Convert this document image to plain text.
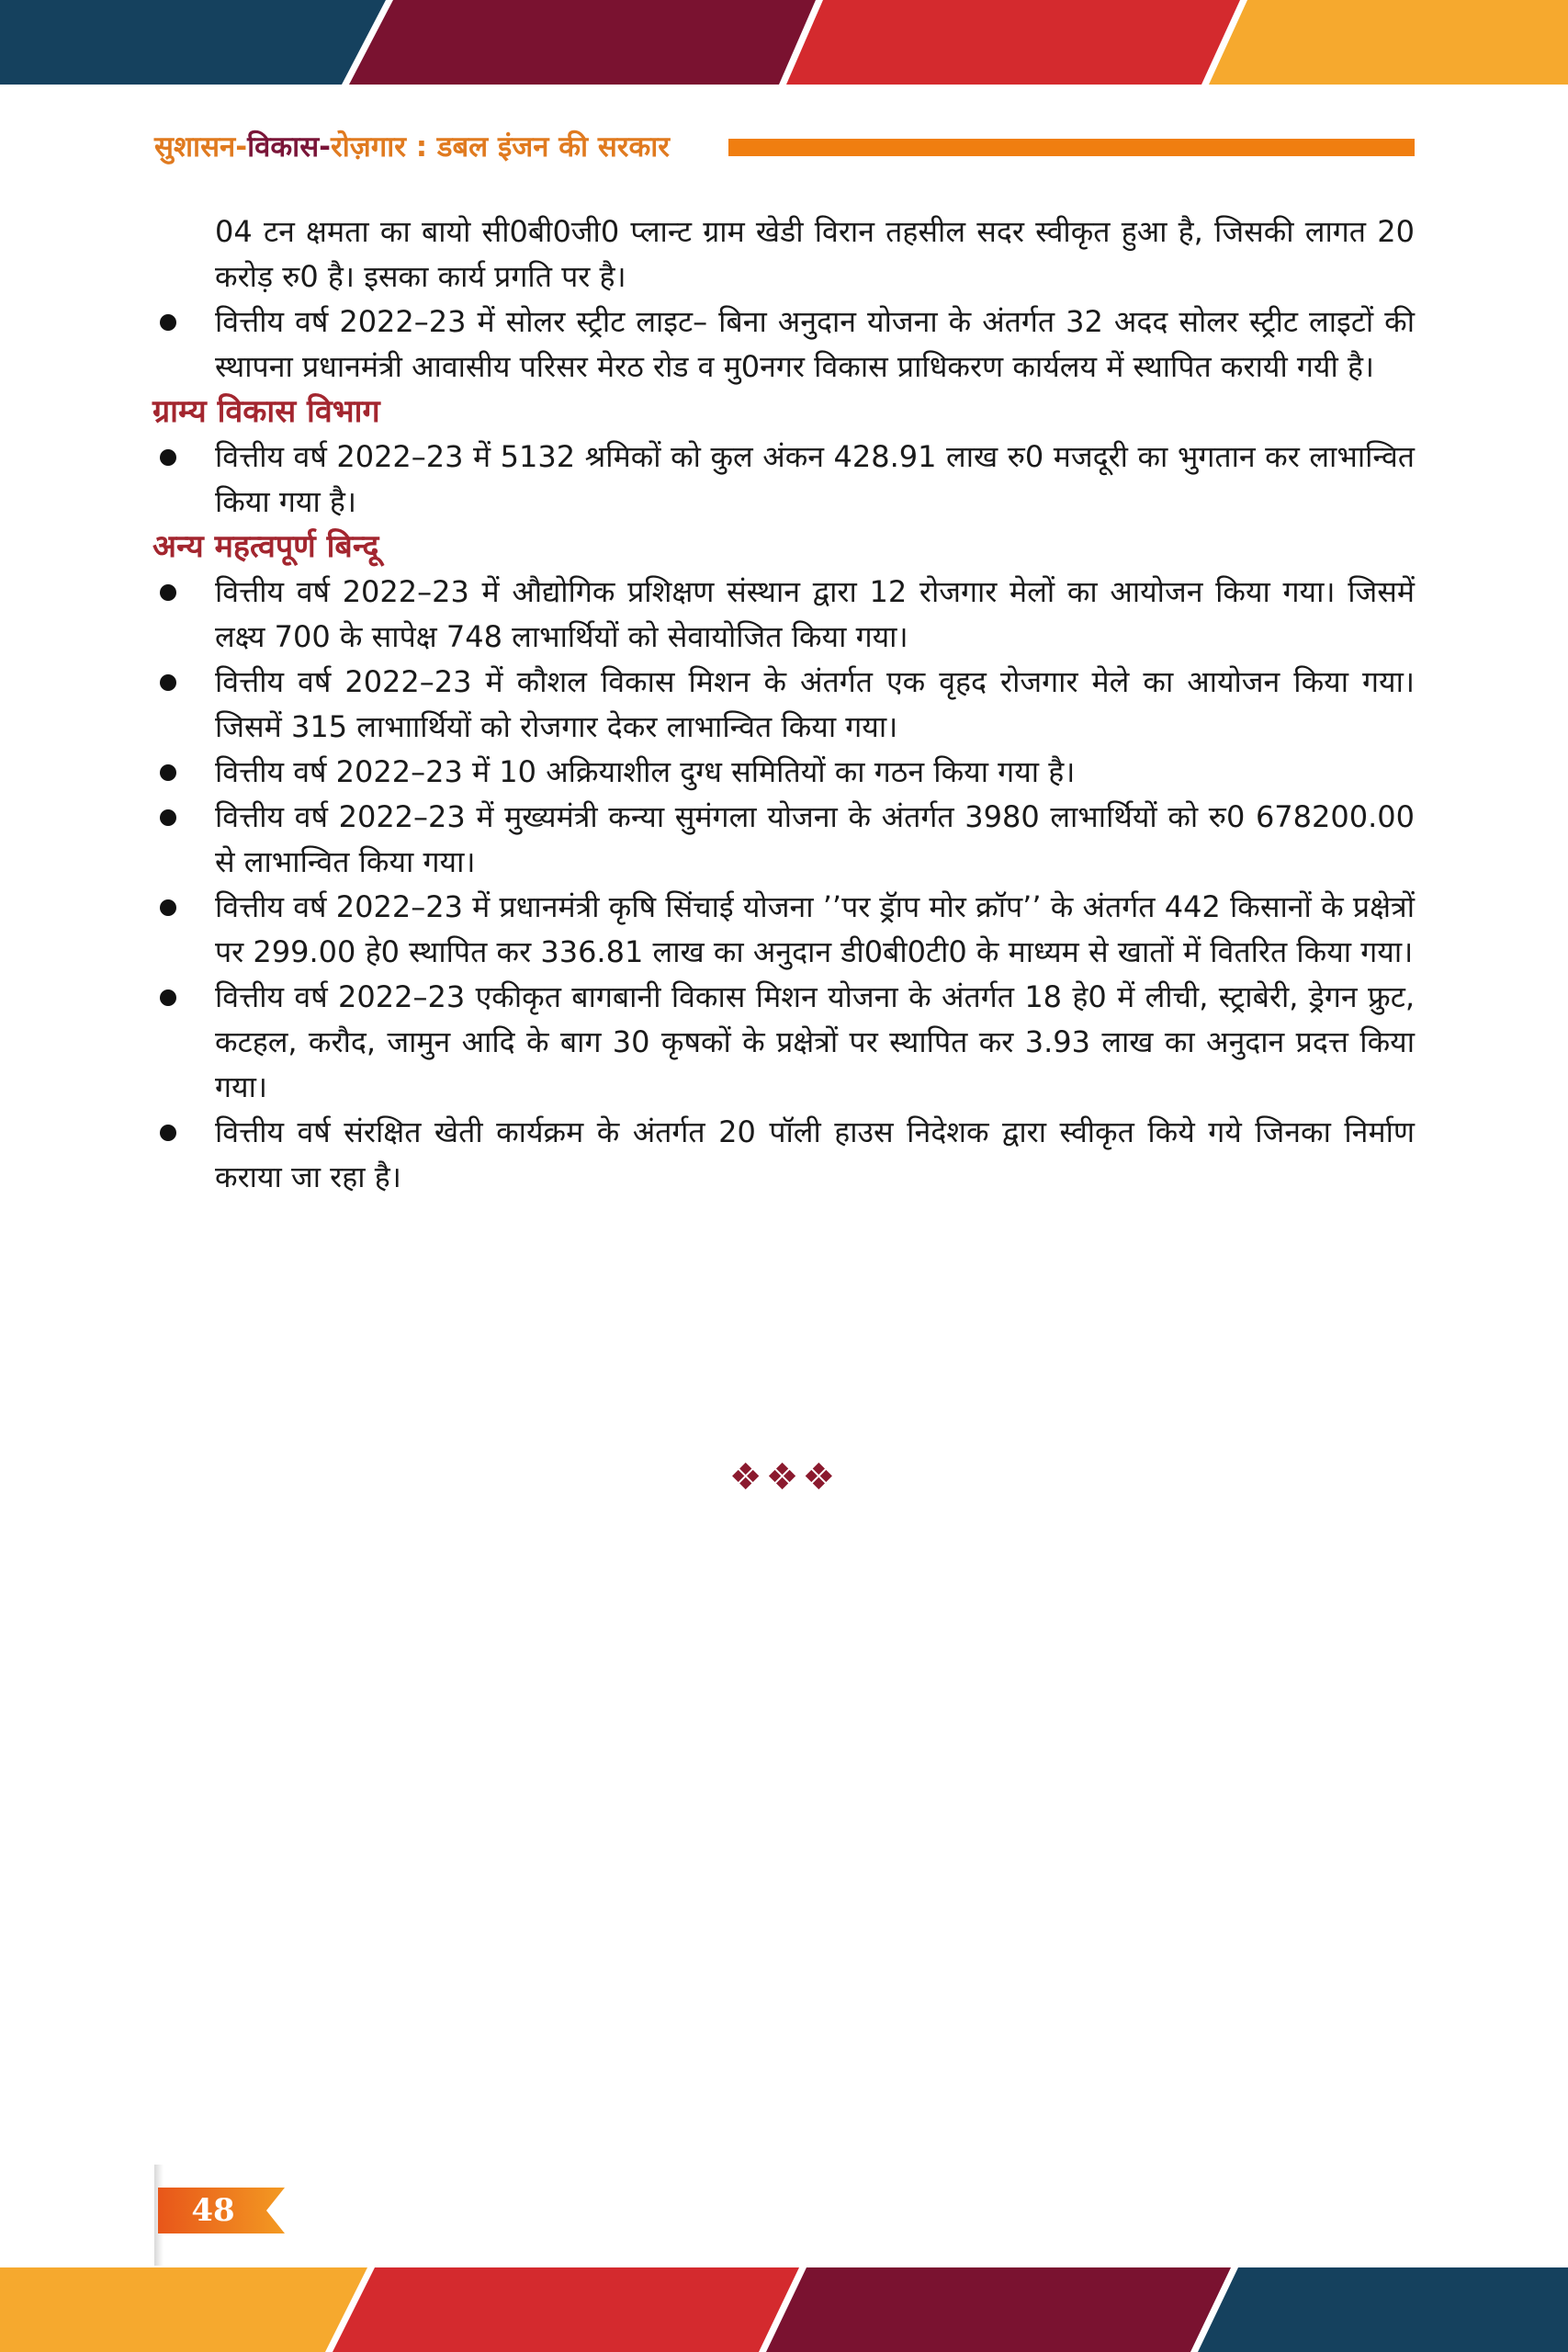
सुशासन-विकास-रोज़गार : डबल इंजन की सरकार

04 टन क्षमता का बायो सी0बी0जी0 प्लान्ट ग्राम खेडी विरान तहसील सदर स्वीकृत हुआ है, जिसकी लागत 20 करोड़ रु0 है। इसका कार्य प्रगति पर है।

वित्तीय वर्ष 2022–23 में सोलर स्ट्रीट लाइट– बिना अनुदान योजना के अंतर्गत 32 अदद सोलर स्ट्रीट लाइटों की स्थापना प्रधानमंत्री आवासीय परिसर मेरठ रोड व मु0नगर विकास प्राधिकरण कार्यलय में स्थापित करायी गयी है।
ग्राम्य विकास विभाग
वित्तीय वर्ष 2022–23 में 5132 श्रमिकों को कुल अंकन 428.91 लाख रु0 मजदूरी का भुगतान कर लाभान्वित किया गया है।
अन्य महत्वपूर्ण बिन्दू
वित्तीय वर्ष 2022–23 में औद्योगिक प्रशिक्षण संस्थान द्वारा 12 रोजगार मेलों का आयोजन किया गया। जिसमें लक्ष्य 700 के सापेक्ष 748 लाभार्थियों को सेवायोजित किया गया।
वित्तीय वर्ष 2022–23 में कौशल विकास मिशन के अंतर्गत एक वृहद रोजगार मेले का आयोजन किया गया। जिसमें 315 लाभाार्थियों को रोजगार देकर लाभान्वित किया गया।
वित्तीय वर्ष 2022–23 में 10 अक्रियाशील दुग्ध समितियों का गठन किया गया है।
वित्तीय वर्ष 2022–23 में मुख्यमंत्री कन्या सुमंगला योजना के अंतर्गत 3980 लाभार्थियों को रु0 678200.00 से लाभान्वित किया गया।
वित्तीय वर्ष 2022–23 में प्रधानमंत्री कृषि सिंचाई योजना ’’पर ड्रॅाप मोर क्रॉप’’ के अंतर्गत 442 किसानों के प्रक्षेत्रों पर 299.00 हे0 स्थापित कर 336.81 लाख का अनुदान डी0बी0टी0 के माध्यम से खातों में वितरित किया गया।
वित्तीय वर्ष 2022–23 एकीकृत बागबानी विकास मिशन योजना के अंतर्गत 18 हे0 में लीची, स्ट्राबेरी, ड्रेगन फ्रुट, कटहल, करौद, जामुन आदि के बाग 30 कृषकों के प्रक्षेत्रों पर स्थापित कर 3.93 लाख का अनुदान प्रदत्त किया गया।
वित्तीय वर्ष संरक्षित खेती कार्यक्रम के अंतर्गत 20 पॉली हाउस निदेशक द्वारा स्वीकृत किये गये जिनका निर्माण कराया जा रहा है।
❖❖❖
48
